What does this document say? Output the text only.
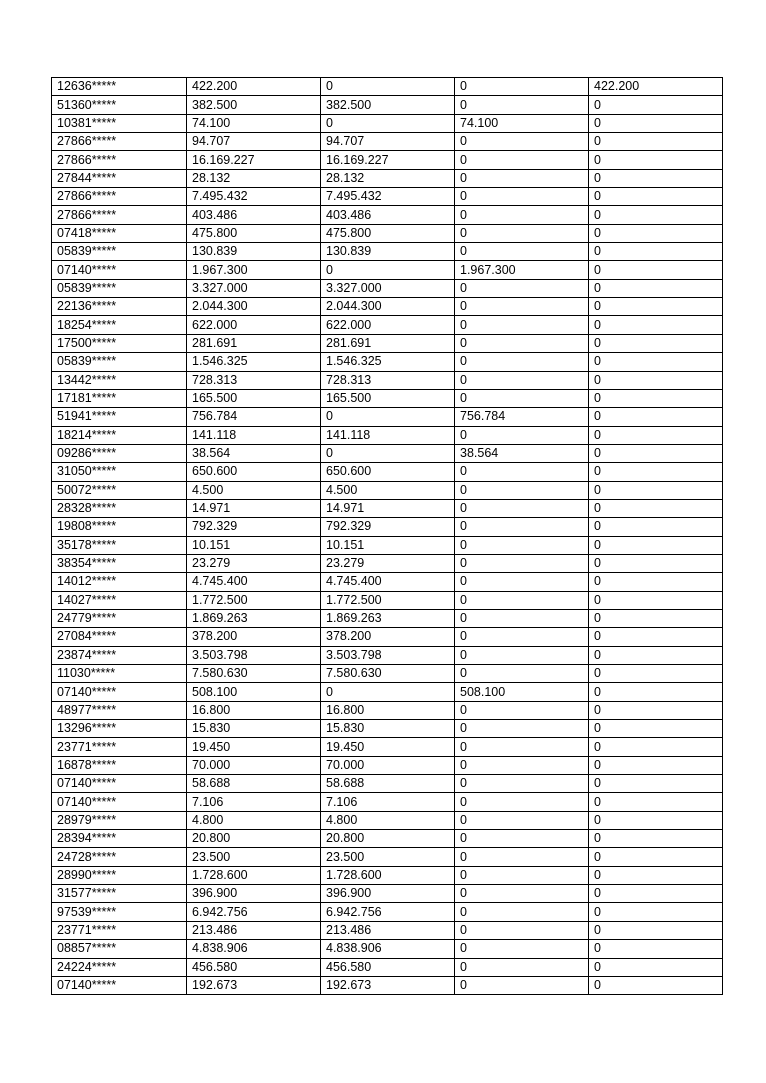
12636*****	422.200	0	0	422.200
51360*****	382.500	382.500	0	0
10381*****	74.100	0	74.100	0
27866*****	94.707	94.707	0	0
27866*****	16.169.227	16.169.227	0	0
27844*****	28.132	28.132	0	0
27866*****	7.495.432	7.495.432	0	0
27866*****	403.486	403.486	0	0
07418*****	475.800	475.800	0	0
05839*****	130.839	130.839	0	0
07140*****	1.967.300	0	1.967.300	0
05839*****	3.327.000	3.327.000	0	0
22136*****	2.044.300	2.044.300	0	0
18254*****	622.000	622.000	0	0
17500*****	281.691	281.691	0	0
05839*****	1.546.325	1.546.325	0	0
13442*****	728.313	728.313	0	0
17181*****	165.500	165.500	0	0
51941*****	756.784	0	756.784	0
18214*****	141.118	141.118	0	0
09286*****	38.564	0	38.564	0
31050*****	650.600	650.600	0	0
50072*****	4.500	4.500	0	0
28328*****	14.971	14.971	0	0
19808*****	792.329	792.329	0	0
35178*****	10.151	10.151	0	0
38354*****	23.279	23.279	0	0
14012*****	4.745.400	4.745.400	0	0
14027*****	1.772.500	1.772.500	0	0
24779*****	1.869.263	1.869.263	0	0
27084*****	378.200	378.200	0	0
23874*****	3.503.798	3.503.798	0	0
11030*****	7.580.630	7.580.630	0	0
07140*****	508.100	0	508.100	0
48977*****	16.800	16.800	0	0
13296*****	15.830	15.830	0	0
23771*****	19.450	19.450	0	0
16878*****	70.000	70.000	0	0
07140*****	58.688	58.688	0	0
07140*****	7.106	7.106	0	0
28979*****	4.800	4.800	0	0
28394*****	20.800	20.800	0	0
24728*****	23.500	23.500	0	0
28990*****	1.728.600	1.728.600	0	0
31577*****	396.900	396.900	0	0
97539*****	6.942.756	6.942.756	0	0
23771*****	213.486	213.486	0	0
08857*****	4.838.906	4.838.906	0	0
24224*****	456.580	456.580	0	0
07140*****	192.673	192.673	0	0
